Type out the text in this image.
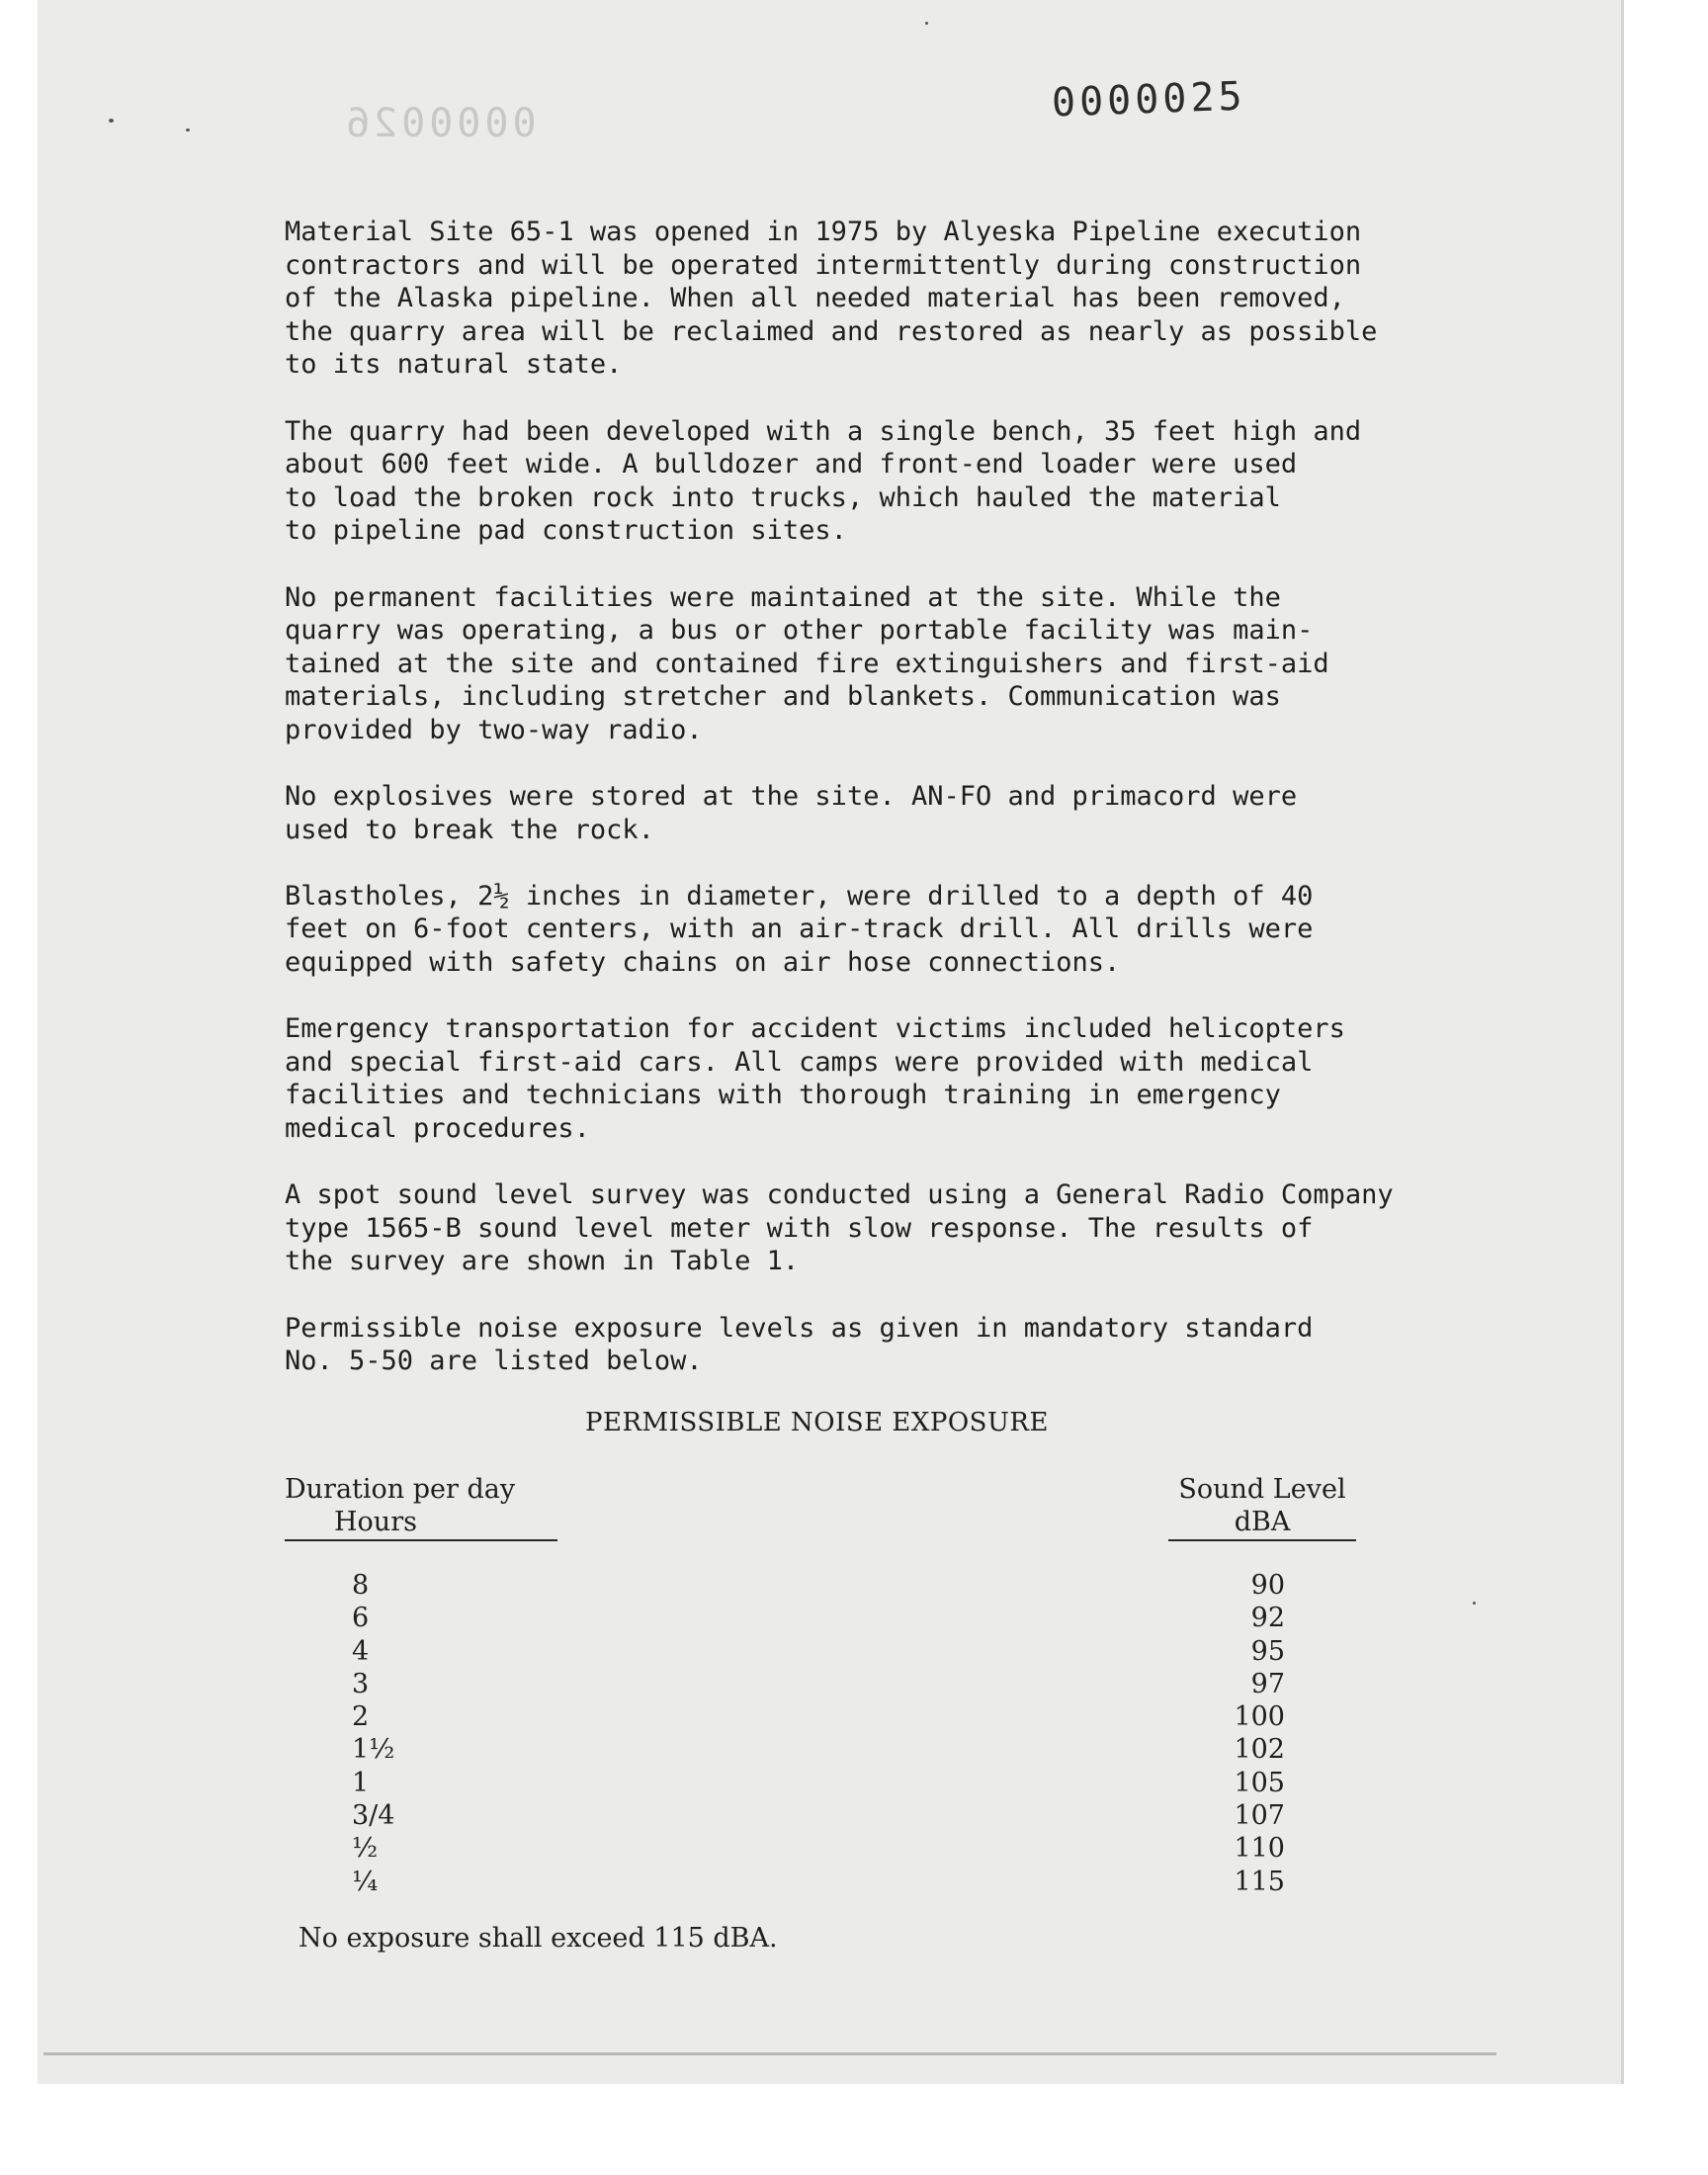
0000026	0000025

Material Site 65-1 was opened in 1975 by Alyeska Pipeline execution
contractors and will be operated intermittently during construction
of the Alaska pipeline. When all needed material has been removed,
the quarry area will be reclaimed and restored as nearly as possible
to its natural state.

The quarry had been developed with a single bench, 35 feet high and
about 600 feet wide. A bulldozer and front-end loader were used
to load the broken rock into trucks, which hauled the material
to pipeline pad construction sites.

No permanent facilities were maintained at the site. While the
quarry was operating, a bus or other portable facility was main-
tained at the site and contained fire extinguishers and first-aid
materials, including stretcher and blankets. Communication was
provided by two-way radio.

No explosives were stored at the site. AN-FO and primacord were
used to break the rock.

Blastholes, 2½ inches in diameter, were drilled to a depth of 40
feet on 6-foot centers, with an air-track drill. All drills were
equipped with safety chains on air hose connections.

Emergency transportation for accident victims included helicopters
and special first-aid cars. All camps were provided with medical
facilities and technicians with thorough training in emergency
medical procedures.

A spot sound level survey was conducted using a General Radio Company
type 1565-B sound level meter with slow response. The results of
the survey are shown in Table 1.

Permissible noise exposure levels as given in mandatory standard
No. 5-50 are listed below.

PERMISSIBLE NOISE EXPOSURE
Duration per day
Hours
Sound Level
dBA
8	90
6	92
4	95
3	97
2	100
1½	102
1	105
3/4	107
½	110
¼	115
No exposure shall exceed 115 dBA.
